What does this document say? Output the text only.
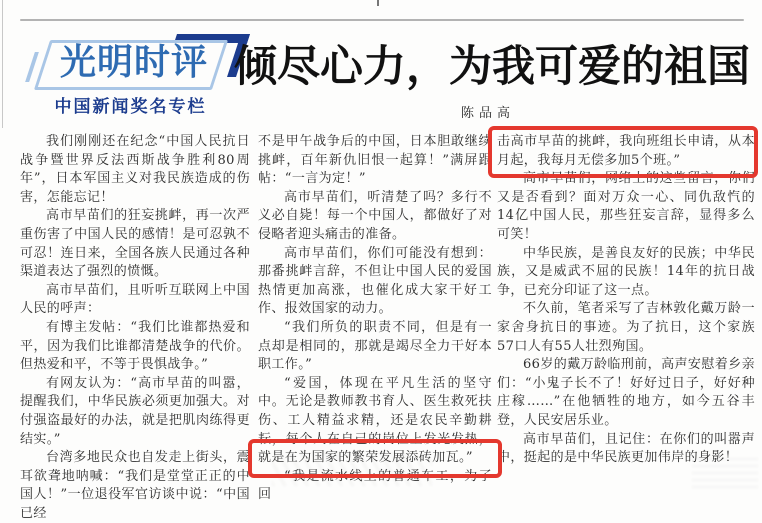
光明时评
中国新闻奖名专栏
倾尽心力，为我可爱的祖国
陈品高

我们刚刚还在纪念“中国人民抗日战争暨世界反法西斯战争胜利80周年”，日本军国主义对我民族造成的伤害，怎能忘记！

高市早苗们的狂妄挑衅，再一次严重伤害了中国人民的感情！是可忍孰不可忍！连日来，全国各族人民通过各种渠道表达了强烈的愤慨。

高市早苗们，且听听互联网上中国人民的呼声：

有博主发帖：“我们比谁都热爱和平，因为我们比谁都清楚战争的代价。但热爱和平，不等于畏惧战争。”

有网友认为：“高市早苗的叫嚣，提醒我们，中华民族必须更加强大。对付强盗最好的办法，就是把肌肉练得更结实。”

台湾多地民众也自发走上街头，震耳欲聋地呐喊：“我们是堂堂正正的中国人！”一位退役军官访谈中说：“中国已经

不是甲午战争后的中国，日本胆敢继续挑衅，百年新仇旧恨一起算！”满屏跟帖：“一言为定！”

高市早苗们，听清楚了吗？多行不义必自毙！每一个中国人，都做好了对侵略者迎头痛击的准备。

高市早苗们，你们可能没有想到：那番挑衅言辞，不但让中国人民的爱国热情更加高涨，也催化成大家干好工作、报效国家的动力。

“我们所负的职责不同，但是有一点却是相同的，那就是竭尽全力干好本职工作。”

“爱国，体现在平凡生活的坚守中。无论是教师教书育人、医生救死扶伤、工人精益求精，还是农民辛勤耕耘，每个人在自己的岗位上发光发热，就是在为国家的繁荣发展添砖加瓦。”

“我是流水线上的普通车工，为了回

击高市早苗的挑衅，我向班组长申请，从本月起，我每月无偿多加5个班。”

高市早苗们，网络上的这些留言，你们又是否看到？面对万众一心、同仇敌忾的14亿中国人民，那些狂妄言辞，显得多么可笑！

中华民族，是善良友好的民族；中华民族，又是威武不屈的民族！14年的抗日战争，已充分印证了这一点。

不久前，笔者采写了吉林敦化戴万龄一家舍身抗日的事迹。为了抗日，这个家族57口人有55人壮烈殉国。

66岁的戴万龄临刑前，高声安慰着乡亲们：“小鬼子长不了！好好过日子，好好种庄稼……”在他牺牲的地方，如今五谷丰登，人民安居乐业。

高市早苗们，且记住：在你们的叫嚣声中，挺起的是中华民族更加伟岸的身影！
